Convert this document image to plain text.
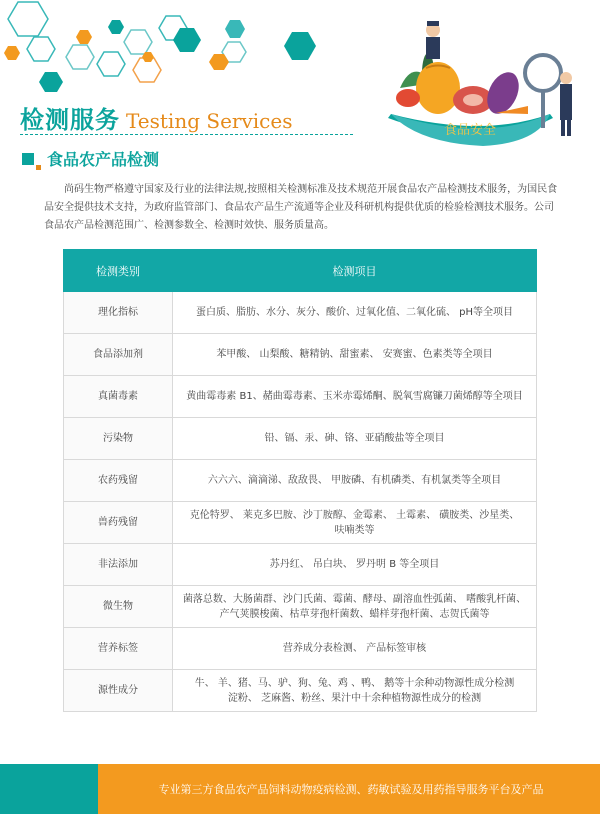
检测服务 Testing Services
食品农产品检测
食品安全
尚码生物严格遵守国家及行业的法律法规,按照相关检测标准及技术规范开展食品农产品检测技术服务，为国民食品安全提供技术支持，为政府监管部门、食品农产品生产流通等企业及科研机构提供优质的检验检测技术服务。公司食品农产品检测范围广、检测参数全、检测时效快、服务质量高。
检测类别	检测项目
理化指标	蛋白质、脂肪、水分、灰分、酸价、过氧化值、二氧化硫、 pH等全项目
食品添加剂	苯甲酸、 山梨酸、糖精钠、甜蜜素、 安赛蜜、色素类等全项目
真菌毒素	黄曲霉毒素 B1、赭曲霉毒素、玉米赤霉烯酮、脱氧雪腐镰刀菌烯醇等全项目
污染物	铅、镉、汞、砷、铬、亚硝酸盐等全项目
农药残留	六六六、滴滴涕、敌敌畏、 甲胺磷、有机磷类、有机氯类等全项目
兽药残留	克伦特罗、 莱克多巴胺、沙丁胺醇、金霉素、 土霉素、 磺胺类、沙星类、
呋喃类等
非法添加	苏丹红、 吊白块、 罗丹明 B 等全项目
微生物	菌落总数、大肠菌群、沙门氏菌、霉菌、酵母、副溶血性弧菌、 嗜酸乳杆菌、
产气荚膜梭菌、枯草芽孢杆菌数、蜡样芽孢杆菌、志贺氏菌等
营养标签	营养成分表检测、 产品标签审核
源性成分	牛、 羊、猪、马、驴、狗、兔、鸡 、鸭、 鹅等十余种动物源性成分检测
淀粉、 芝麻酱、粉丝、果汁中十余种植物源性成分的检测
专业第三方食品农产品饲料动物疫病检测、药敏试验及用药指导服务平台及产品
